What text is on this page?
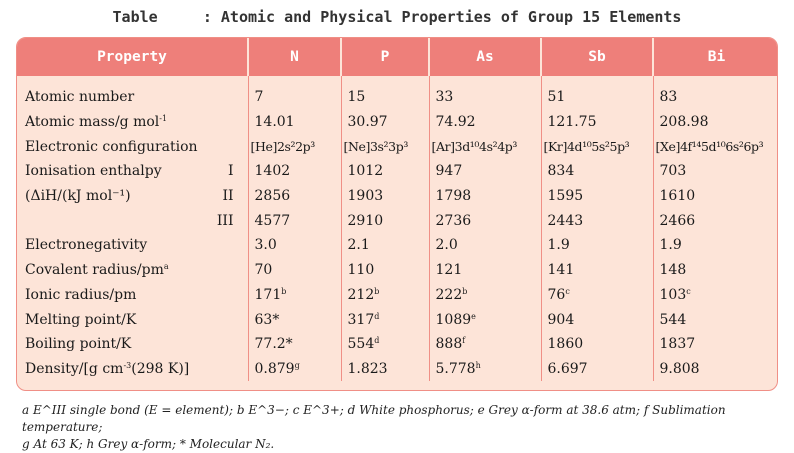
Table     : Atomic and Physical Properties of Group 15 Elements
Property	N	P	As	Sb	Bi
Atomic number	7	15	33	51	83
Atomic mass/g mol$^{-1}$	14.01	30.97	74.92	121.75	208.98
Electronic configuration	[He]2s²2p³	[Ne]3s²3p³	[Ar]3d¹⁰4s²4p³	[Kr]4d¹⁰5s²5p³	[Xe]4f¹⁴5d¹⁰6s²6p³

Ionisation enthalpy I	1402	1012	947	834	703

(ΔiH/(kJ mol⁻¹) II	2856	1903	1798	1595	1610

III	4577	2910	2736	2443	2466
Electronegativity	3.0	2.1	2.0	1.9	1.9
Covalent radius/$pm^a$	70	110	121	141	148
Ionic radius/pm	171$^b$	212$^b$	222$^b$	76$^c$	103$^c$
Melting point/K	63*	317$^d$	1089e	904	544
Boiling point/K	77.2*	554$^d$	888$^f$	1860	1837
Density/[g $cm^{-3}(298$ K)]	0.879$^g$	1.823	5.778$^h$	6.697	9.808
a E^III single bond (E = element); b E^3−; c E^3+; d White phosphorus; e Grey α-form at 38.6 atm; f Sublimation temperature;
g At 63 K; h Grey α-form; * Molecular N₂.
